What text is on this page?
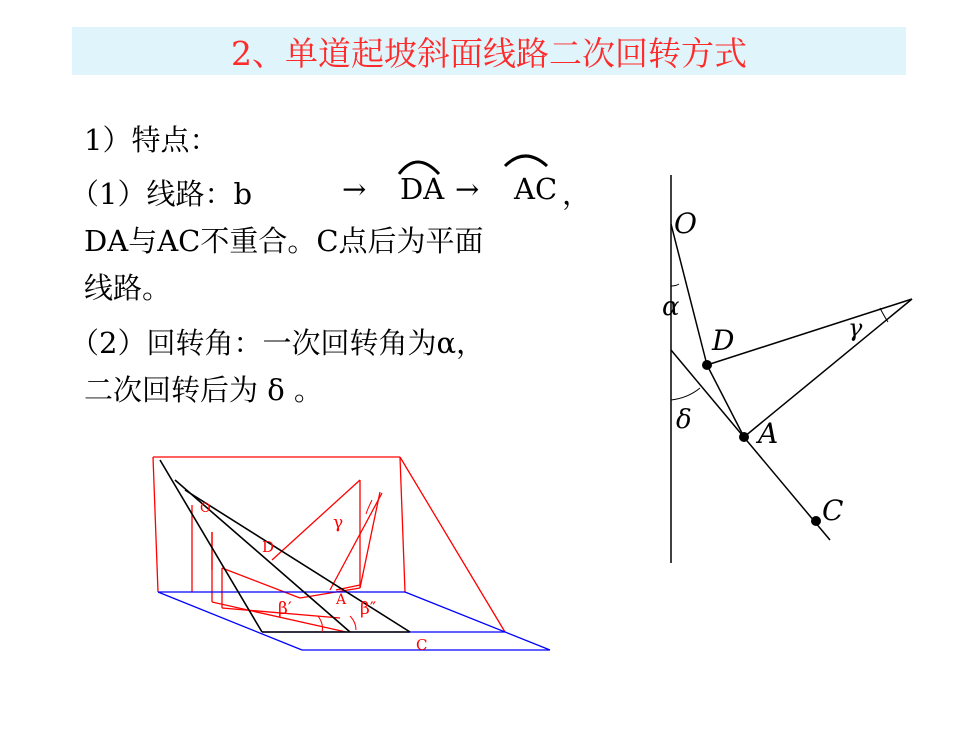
2、单道起坡斜面线路二次回转方式
1）特点：
（1）线路：b	→ DA → AC ，
DA与AC不重合。C点后为平面
线路。
（2）回转角：一次回转角为α，
二次回转后为 δ 。
O
α
D	γ
δ A
C
O
D
γ
A
β′	β″
C
